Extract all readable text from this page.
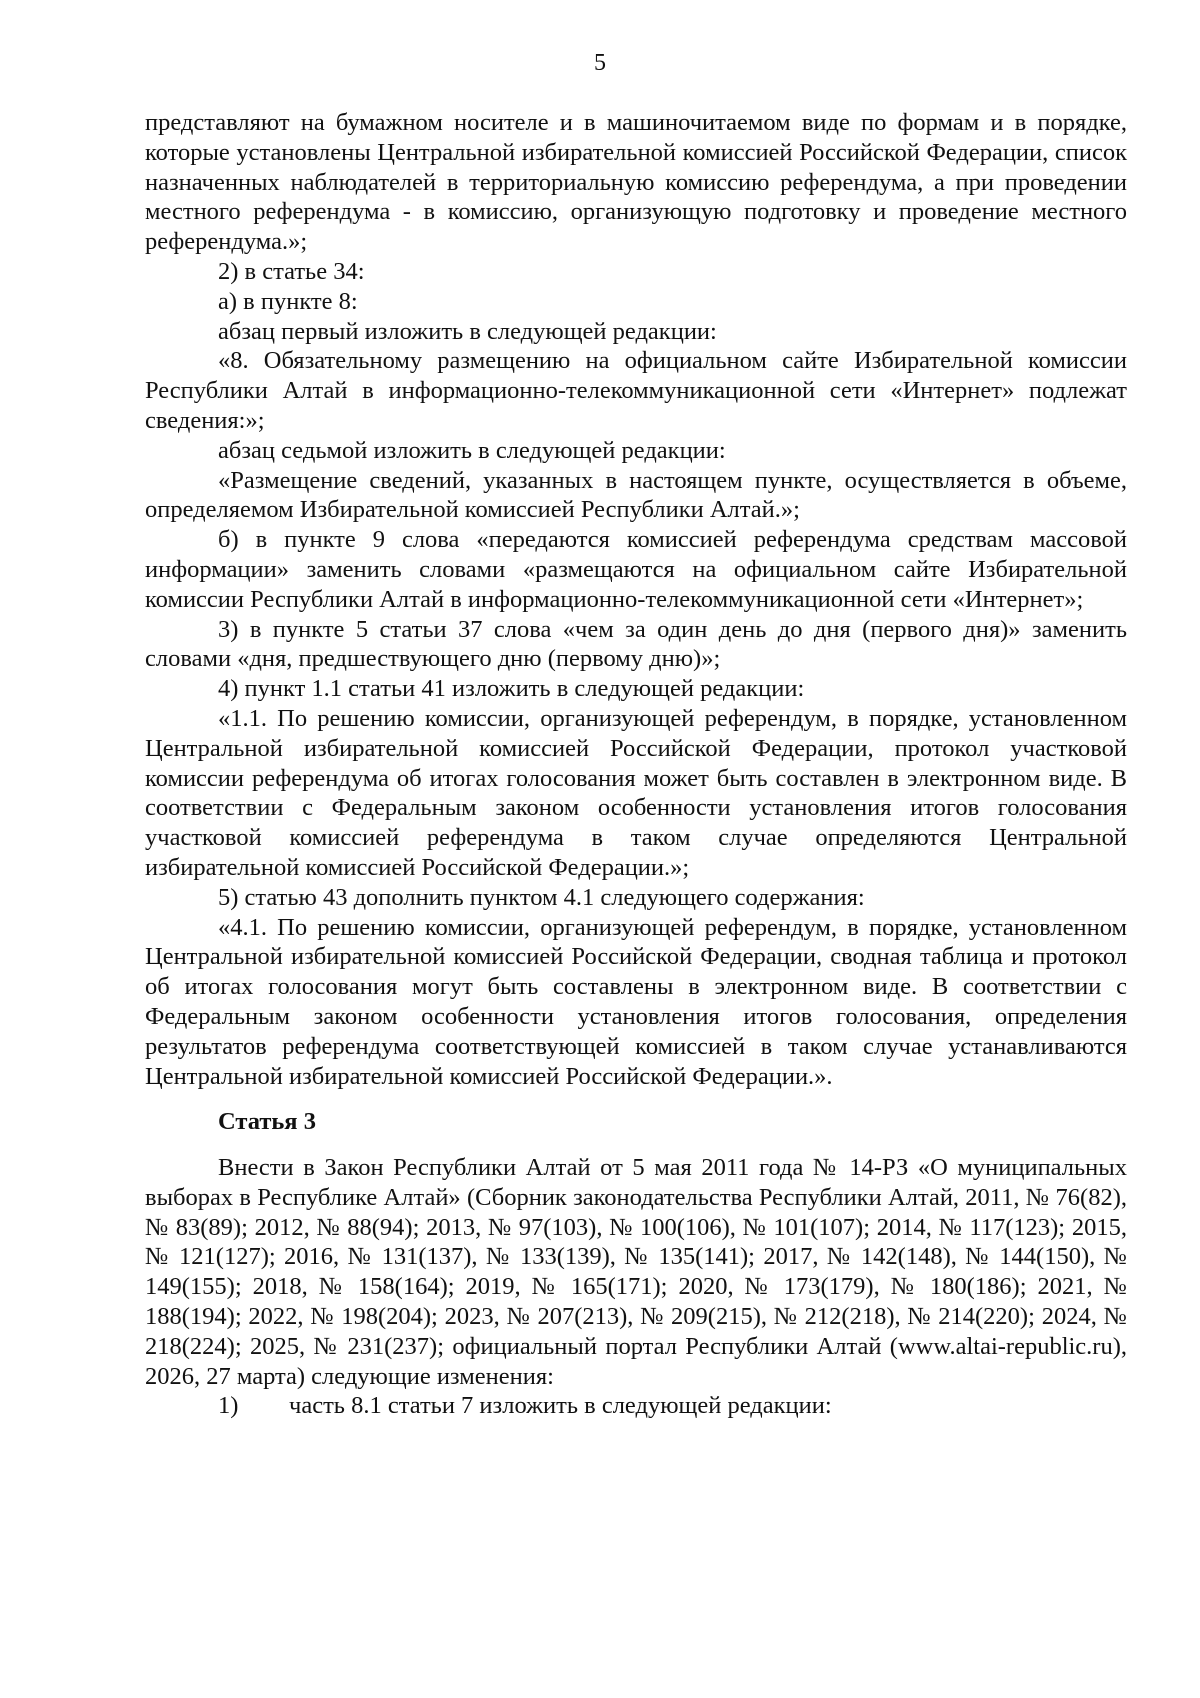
5

представляют на бумажном носителе и в машиночитаемом виде по формам и в порядке, которые установлены Центральной избирательной комиссией Российской Федерации, список назначенных наблюдателей в территориальную комиссию референдума, а при проведении местного референдума - в комиссию, организующую подготовку и проведение местного референдума.»;

2) в статье 34:

а) в пункте 8:

абзац первый изложить в следующей редакции:

«8. Обязательному размещению на официальном сайте Избирательной комиссии Республики Алтай в информационно-телекоммуникационной сети «Интернет» подлежат сведения:»;

абзац седьмой изложить в следующей редакции:

«Размещение сведений, указанных в настоящем пункте, осуществляется в объеме, определяемом Избирательной комиссией Республики Алтай.»;

б) в пункте 9 слова «передаются комиссией референдума средствам массовой информации» заменить словами «размещаются на официальном сайте Избирательной комиссии Республики Алтай в информационно-телекоммуникационной сети «Интернет»;

3) в пункте 5 статьи 37 слова «чем за один день до дня (первого дня)» заменить словами «дня, предшествующего дню (первому дню)»;

4) пункт 1.1 статьи 41 изложить в следующей редакции:

«1.1. По решению комиссии, организующей референдум, в порядке, установленном Центральной избирательной комиссией Российской Федерации, протокол участковой комиссии референдума об итогах голосования может быть составлен в электронном виде. В соответствии с Федеральным законом особенности установления итогов голосования участковой комиссией референдума в таком случае определяются Центральной избирательной комиссией Российской Федерации.»;

5) статью 43 дополнить пунктом 4.1 следующего содержания:

«4.1. По решению комиссии, организующей референдум, в порядке, установленном Центральной избирательной комиссией Российской Федерации, сводная таблица и протокол об итогах голосования могут быть составлены в электронном виде. В соответствии с Федеральным законом особенности установления итогов голосования, определения результатов референдума соответствующей комиссией в таком случае устанавливаются Центральной избирательной комиссией Российской Федерации.».

Статья 3

Внести в Закон Республики Алтай от 5 мая 2011 года № 14-РЗ «О муниципальных выборах в Республике Алтай» (Сборник законодательства Республики Алтай, 2011, № 76(82), № 83(89); 2012, № 88(94); 2013, № 97(103), № 100(106), № 101(107); 2014, № 117(123); 2015, № 121(127); 2016, № 131(137), № 133(139), № 135(141); 2017, № 142(148), № 144(150), № 149(155); 2018, № 158(164); 2019, № 165(171); 2020, № 173(179), № 180(186); 2021, № 188(194); 2022, № 198(204); 2023, № 207(213), № 209(215), № 212(218), № 214(220); 2024, № 218(224); 2025, № 231(237); официальный портал Республики Алтай (www.altai-republic.ru), 2026, 27 марта) следующие изменения:

1)	часть 8.1 статьи 7 изложить в следующей редакции:
